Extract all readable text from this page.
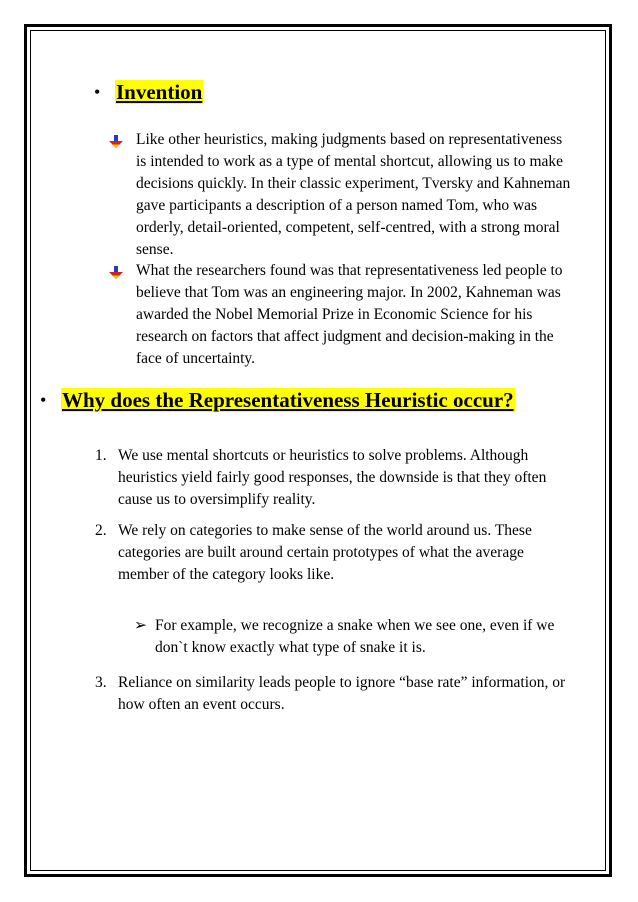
• Invention
Like other heuristics, making judgments based on representativeness
is intended to work as a type of mental shortcut, allowing us to make
decisions quickly. In their classic experiment, Tversky and Kahneman
gave participants a description of a person named Tom, who was
orderly, detail-oriented, competent, self-centred, with a strong moral
sense.
What the researchers found was that representativeness led people to
believe that Tom was an engineering major. In 2002, Kahneman was
awarded the Nobel Memorial Prize in Economic Science for his
research on factors that affect judgment and decision-making in the
face of uncertainty.
• Why does the Representativeness Heuristic occur?
1. We use mental shortcuts or heuristics to solve problems. Although
heuristics yield fairly good responses, the downside is that they often
cause us to oversimplify reality.
2. We rely on categories to make sense of the world around us. These
categories are built around certain prototypes of what the average
member of the category looks like.
➢ For example, we recognize a snake when we see one, even if we
don`t know exactly what type of snake it is.
3. Reliance on similarity leads people to ignore “base rate” information, or
how often an event occurs.
